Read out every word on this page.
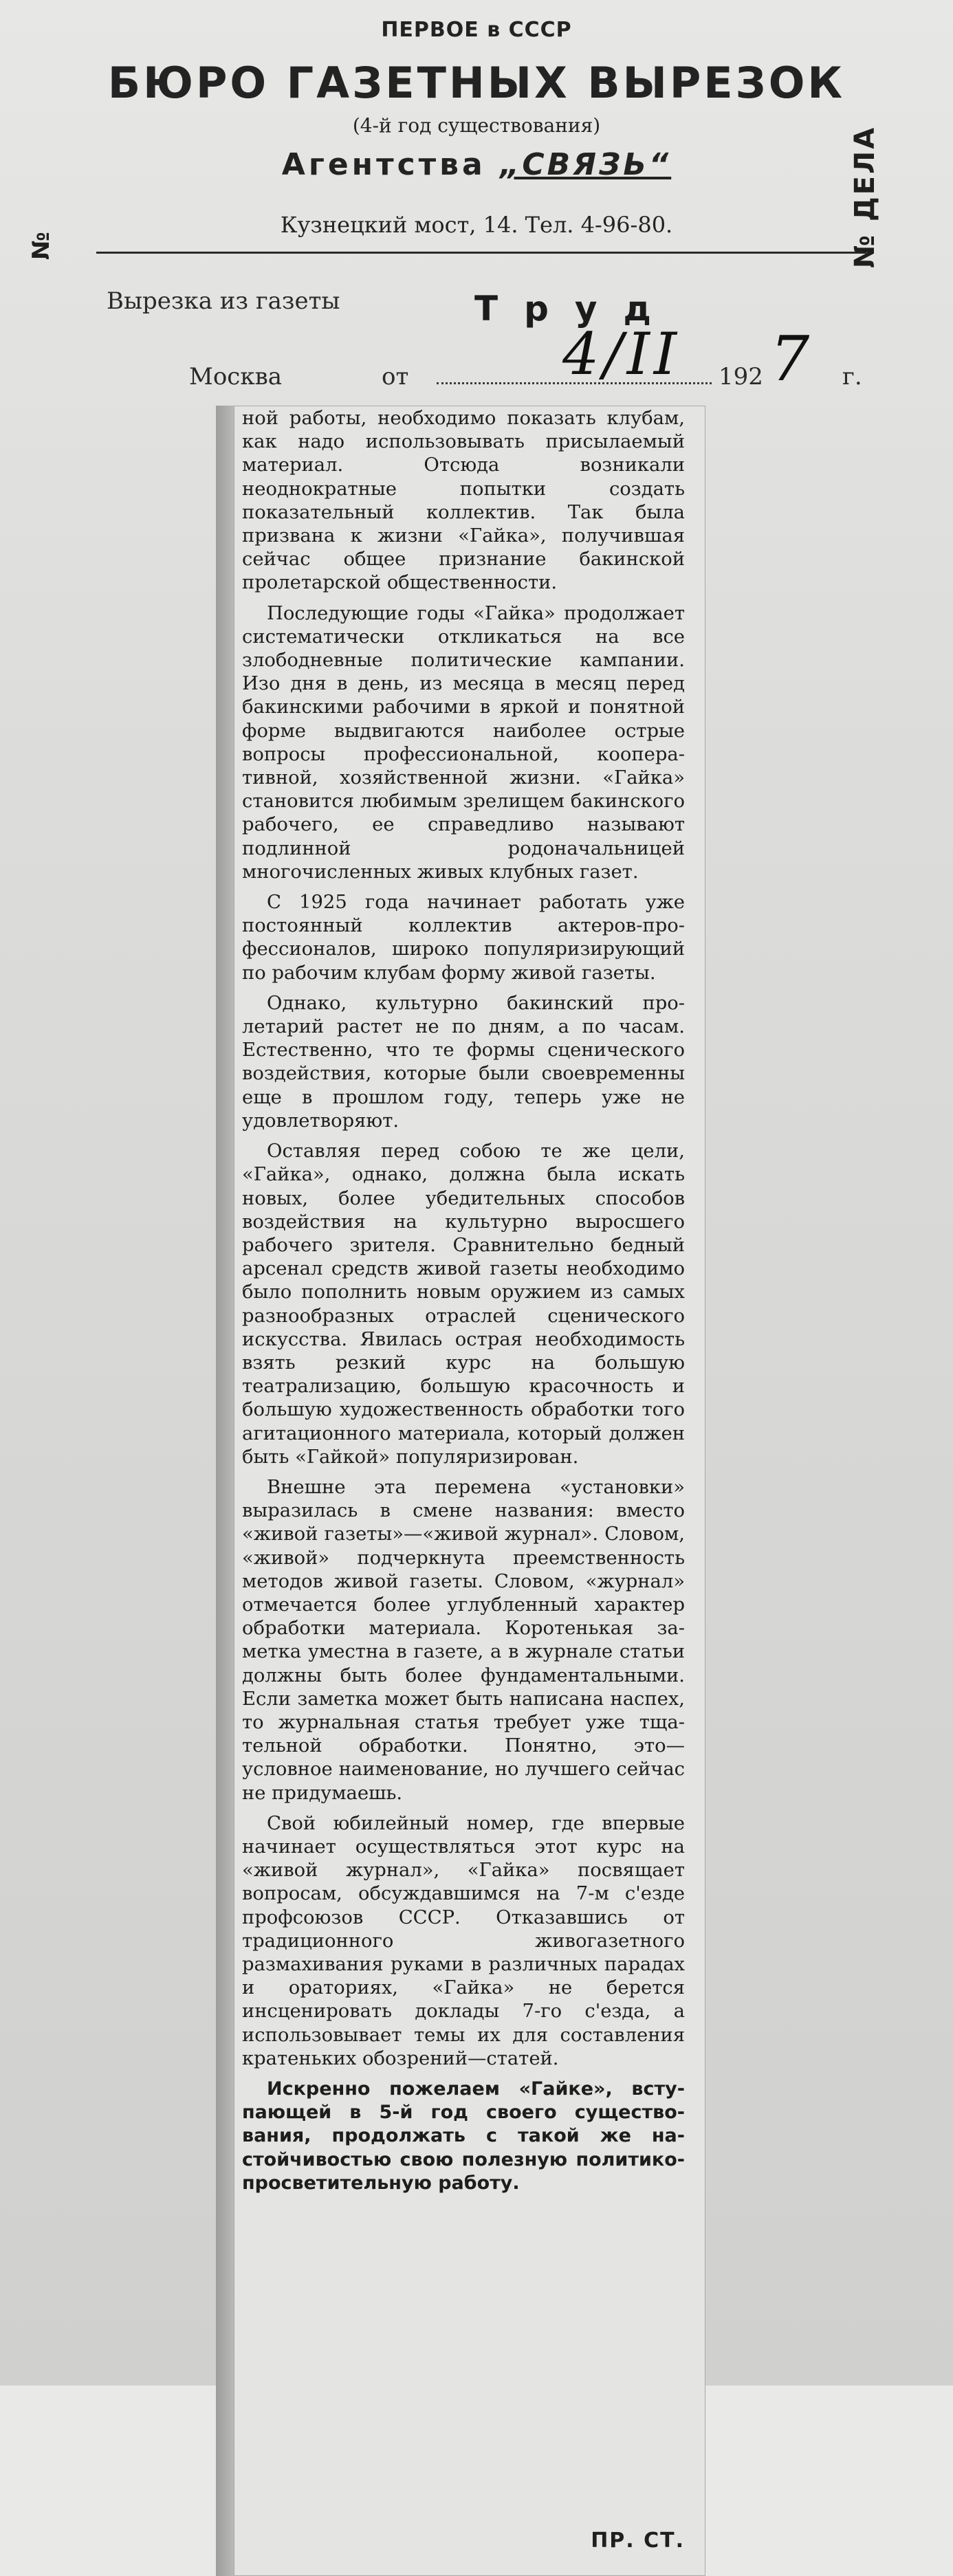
ПЕРВОЕ в СССР
БЮРО ГАЗЕТНЫХ ВЫРЕЗОК
(4-й год существования)
Агентства „СВЯЗЬ“
Кузнецкий мост, 14. Тел. 4-96-80.
№	№ ДЕЛА
Вырезка из газеты	Труд
Москва	от	4/II 192 7 г.

ной работы, необходимо показать клубам, как надо использовывать присылаемый материал. Отсюда возникали неоднократные попытки создать показательный коллектив. Так была призвана к жизни «Гайка», получившая сейчас общее признание бакинской пролетарской общественности.

Последующие годы «Гайка» продолжает систематически откликаться на все злободневные политические кампании. Изо дня в день, из месяца в месяц перед бакинскими рабочими в яркой и понятной форме выдвигаются наиболее острые вопросы профессиональной, кооперативной, хозяйственной жизни. «Гайка» становится любимым зрелищем бакинского рабочего, ее справедливо называют подлинной родоначальницей многочисленных живых клубных газет.

С 1925 года начинает работать уже постоянный коллектив актеров-профессионалов, широко популяризирующий по рабочим клубам форму живой газеты.

Однако, культурно бакинский пролетарий растет не по дням, а по часам. Естественно, что те формы сценического воздействия, которые были своевременны еще в прошлом году, теперь уже не удовлетворяют.

Оставляя перед собою те же цели, «Гайка», однако, должна была искать новых, более убедительных способов воздействия на культурно выросшего рабочего зрителя. Сравнительно бедный арсенал средств живой газеты необходимо было пополнить новым оружием из самых разнообразных отраслей сценического искусства. Явилась острая необходимость взять резкий курс на большую театрализацию, большую красочность и большую художественность обработки того агитационного материала, который должен быть «Гайкой» популяризирован.

Внешне эта перемена «установки» выразилась в смене названия: вместо «живой газеты»—«живой журнал». Словом, «живой» подчеркнута преемственность методов живой газеты. Словом, «журнал» отмечается более углубленный характер обработки материала. Коротенькая заметка уместна в газете, а в журнале статьи должны быть более фундаментальными. Если заметка может быть написана наспех, то журнальная статья требует уже тщательной обработки. Понятно, это— условное наименование, но лучшего сейчас не придумаешь.

Свой юбилейный номер, где впервые начинает осуществляться этот курс на «живой журнал», «Гайка» посвящает вопросам, обсуждавшимся на 7-м с'езде профсоюзов СССР. Отказавшись от традиционного живогазетного размахивания руками в различных парадах и ораториях, «Гайка» не берется инсценировать доклады 7-го с'езда, а использовывает темы их для составления кратеньких обозрений—статей.

Искренно пожелаем «Гайке», вступающей в 5-й год своего существования, продолжать с такой же настойчивостью свою полезную политико-просветительную работу.

ПР. СТ.
